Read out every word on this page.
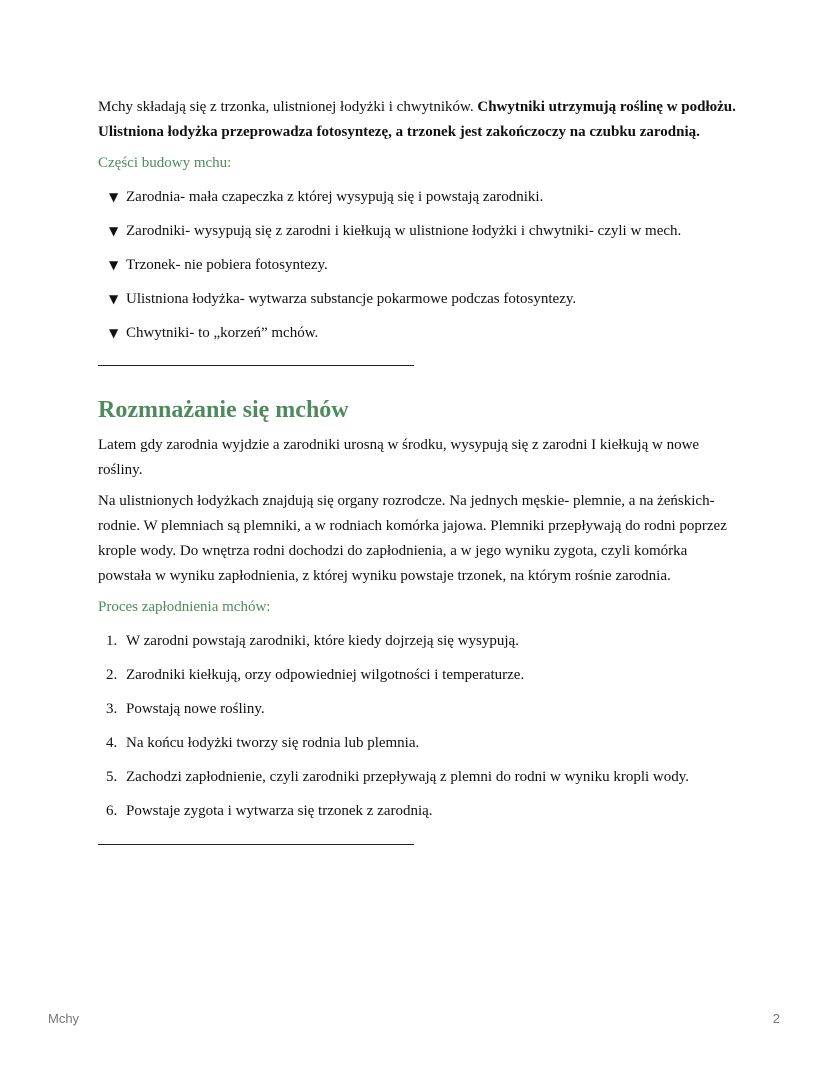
Mchy składają się z trzonka, ulistnionej łodyżki i chwytników. Chwytniki utrzymują roślinę w podłożu. Ulistniona łodyżka przeprowadza fotosyntezę, a trzonek jest zakończoczy na czubku zarodnią.

Części budowy mchu:

▼ Zarodnia- mała czapeczka z której wysypują się i powstają zarodniki.
▼ Zarodniki- wysypują się z zarodni i kiełkują w ulistnione łodyżki i chwytniki- czyli w mech.
▼ Trzonek- nie pobiera fotosyntezy.
▼ Ulistniona łodyżka- wytwarza substancje pokarmowe podczas fotosyntezy.
▼ Chwytniki- to „korzeń” mchów.
Rozmnażanie się mchów

Latem gdy zarodnia wyjdzie a zarodniki urosną w środku, wysypują się z zarodni I kiełkują w nowe rośliny.

Na ulistnionych łodyżkach znajdują się organy rozrodcze. Na jednych męskie- plemnie, a na żeńskich- rodnie. W plemniach są plemniki, a w rodniach komórka jajowa. Plemniki przepływają do rodni poprzez krople wody. Do wnętrza rodni dochodzi do zapłodnienia, a w jego wyniku zygota, czyli komórka powstała w wyniku zapłodnienia, z której wyniku powstaje trzonek, na którym rośnie zarodnia.

Proces zapłodnienia mchów:

1. W zarodni powstają zarodniki, które kiedy dojrzeją się wysypują.
2. Zarodniki kiełkują, orzy odpowiedniej wilgotności i temperaturze.
3. Powstają nowe rośliny.
4. Na końcu łodyżki tworzy się rodnia lub plemnia.
5. Zachodzi zapłodnienie, czyli zarodniki przepływają z plemni do rodni w wyniku kropli wody.
6. Powstaje zygota i wytwarza się trzonek z zarodnią.
Mchy	2
